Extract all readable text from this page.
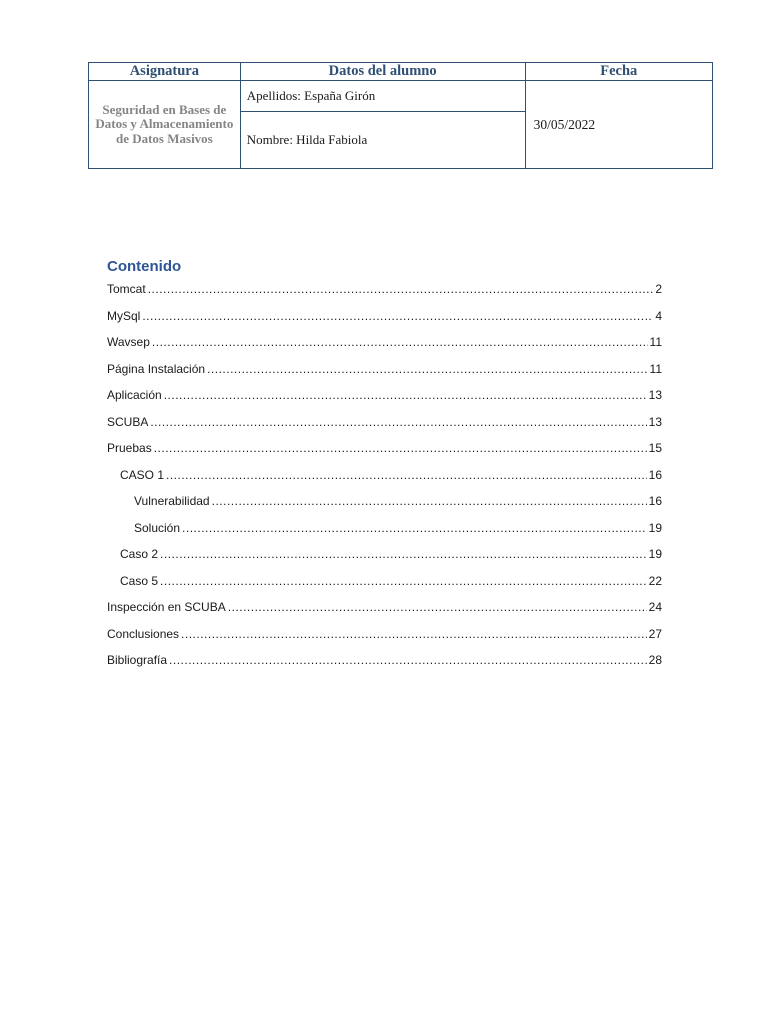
Asignatura	Datos del alumno	Fecha
Seguridad en Bases de Datos y Almacenamiento de Datos Masivos	Apellidos: España Girón	30/05/2022
	Nombre: Hilda Fabiola	
Contenido
Tomcat .....	2
MySql .....	4
Wavsep .....	11
Página Instalación .....	11
Aplicación .....	13
SCUBA .....	13
Pruebas .....	15
CASO 1 .....	16
Vulnerabilidad .....	16
Solución .....	19
Caso 2 .....	19
Caso 5 .....	22
Inspección en SCUBA .....	24
Conclusiones .....	27
Bibliografía .....	28
